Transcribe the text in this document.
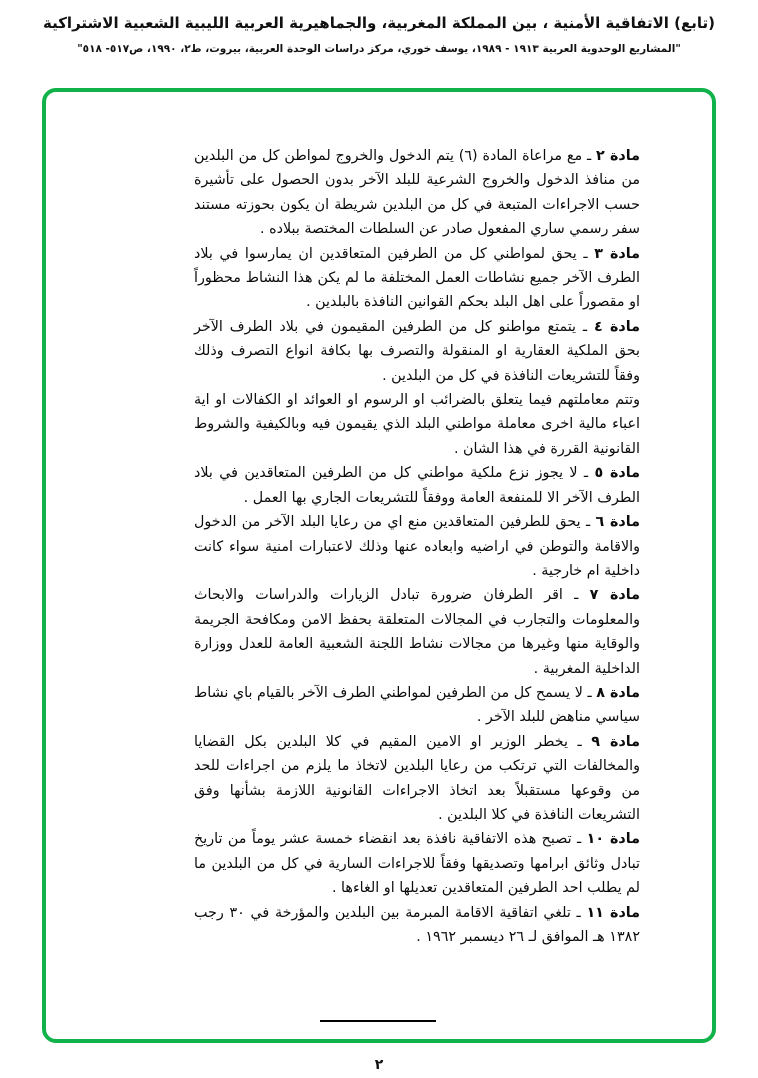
(تابع) الاتفاقية الأمنية ، بين المملكة المغربية، والجماهيرية العربية الليبية الشعبية الاشتراكية
"المشاريع الوحدوية العربية ١٩١٣ - ١٩٨٩، يوسف خوري، مركز دراسات الوحدة العربية، بيروت، ط٢، ١٩٩٠، ص٥١٧- ٥١٨"

مادة ٢ ـ مع مراعاة المادة (٦) يتم الدخول والخروج لمواطن كل من البلدين من منافذ الدخول والخروج الشرعية للبلد الآخر بدون الحصول على تأشيرة حسب الاجراءات المتبعة في كل من البلدين شريطة ان يكون بحوزته مستند سفر رسمي ساري المفعول صادر عن السلطات المختصة ببلاده .

مادة ٣ ـ يحق لمواطني كل من الطرفين المتعاقدين ان يمارسوا في بلاد الطرف الآخر جميع نشاطات العمل المختلفة ما لم يكن هذا النشاط محظوراً او مقصوراً على اهل البلد بحكم القوانين النافذة بالبلدين .

مادة ٤ ـ يتمتع مواطنو كل من الطرفين المقيمون في بلاد الطرف الآخر بحق الملكية العقارية او المنقولة والتصرف بها بكافة انواع التصرف وذلك وفقاً للتشريعات النافذة في كل من البلدين .

وتتم معاملتهم فيما يتعلق بالضرائب او الرسوم او العوائد او الكفالات او اية اعباء مالية اخرى معاملة مواطني البلد الذي يقيمون فيه وبالكيفية والشروط القانونية القررة في هذا الشان .

مادة ٥ ـ لا يجوز نزع ملكية مواطني كل من الطرفين المتعاقدين في بلاد الطرف الآخر الا للمنفعة العامة ووفقاً للتشريعات الجاري بها العمل .

مادة ٦ ـ يحق للطرفين المتعاقدين منع اي من رعايا البلد الآخر من الدخول والاقامة والتوطن في اراضيه وابعاده عنها وذلك لاعتبارات امنية سواء كانت داخلية ام خارجية .

مادة ٧ ـ اقر الطرفان ضرورة تبادل الزيارات والدراسات والابحاث والمعلومات والتجارب في المجالات المتعلقة بحفظ الامن ومكافحة الجريمة والوقاية منها وغيرها من مجالات نشاط اللجنة الشعبية العامة للعدل ووزارة الداخلية المغربية .

مادة ٨ ـ لا يسمح كل من الطرفين لمواطني الطرف الآخر بالقيام باي نشاط سياسي مناهض للبلد الآخر .

مادة ٩ ـ يخطر الوزير او الامين المقيم في كلا البلدين بكل القضايا والمخالفات التي ترتكب من رعايا البلدين لاتخاذ ما يلزم من اجراءات للحد من وقوعها مستقبلاً بعد اتخاذ الاجراءات القانونية اللازمة بشأنها وفق التشريعات النافذة في كلا البلدين .

مادة ١٠ ـ تصبح هذه الاتفاقية نافذة بعد انقضاء خمسة عشر يوماً من تاريخ تبادل وثائق ابرامها وتصديقها وفقاً للاجراءات السارية في كل من البلدين ما لم يطلب احد الطرفين المتعاقدين تعديلها او الغاءها .

مادة ١١ ـ تلغي اتفاقية الاقامة المبرمة بين البلدين والمؤرخة في ٣٠ رجب ١٣٨٢ هـ الموافق لـ ٢٦ ديسمبر ١٩٦٢ .

٢
